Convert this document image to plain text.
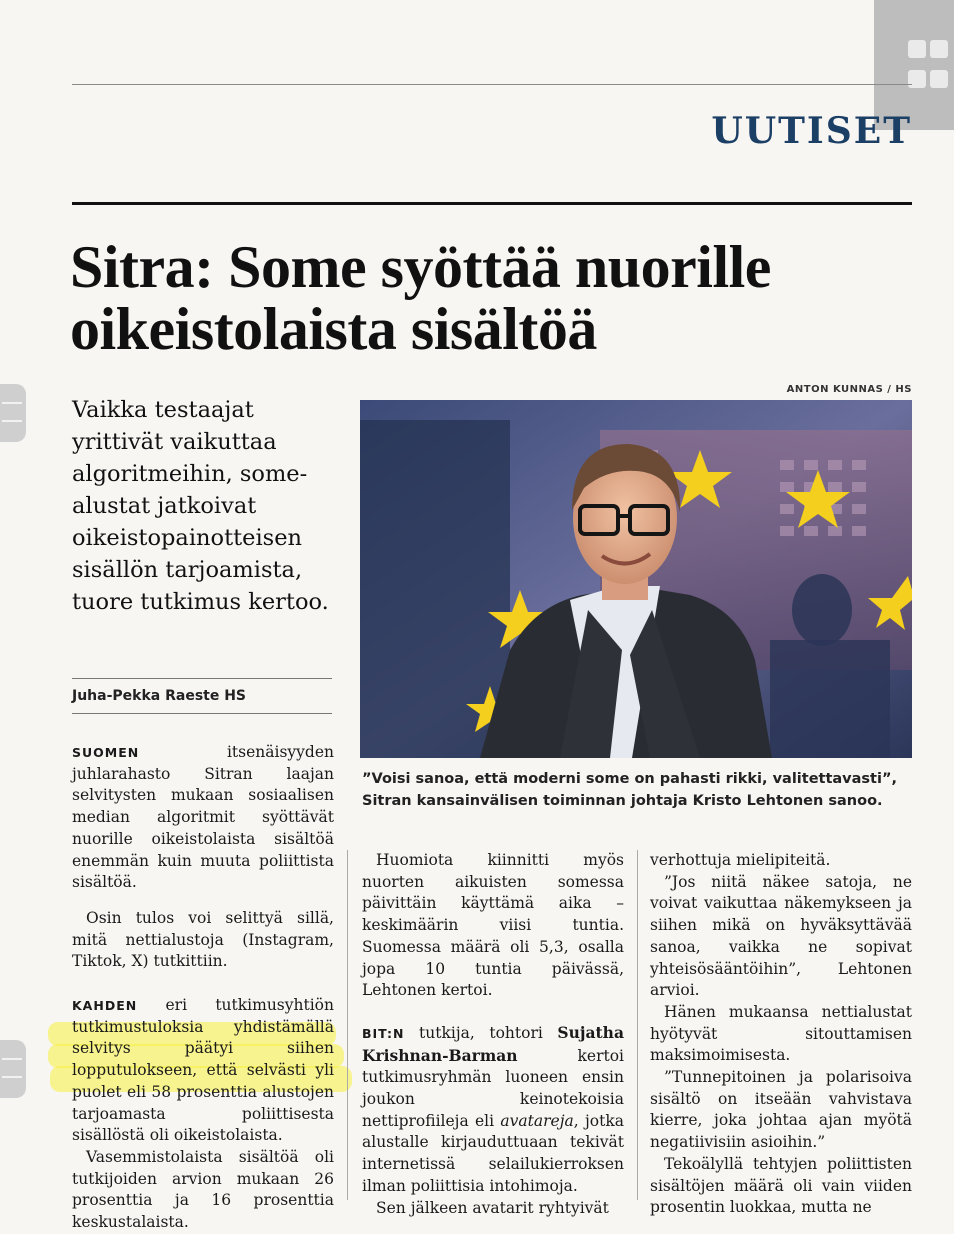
UUTISET
Sitra: Some syöttää nuorille oikeistolaista sisältöä

Vaikka testaajat yrittivät vaikuttaa algoritmeihin, some-alustat jatkoivat oikeistopainotteisen sisällön tarjoamista, tuore tutkimus kertoo.

Juha-Pekka Raeste HS
ANTON KUNNAS / HS

”Voisi sanoa, että moderni some on pahasti rikki, valitettavasti”, Sitran kansainvälisen toiminnan johtaja Kristo Lehtonen sanoo.

SUOMEN itsenäisyyden juhlarahasto Sitran laajan selvitysten mukaan sosiaalisen median algoritmit syöttävät nuorille oikeistolaista sisältöä enemmän kuin muuta poliittista sisältöä.

Osin tulos voi selittyä sillä, mitä nettialustoja (Instagram, Tiktok, X) tutkittiin.

KAHDEN eri tutkimusyhtiön tutkimustuloksia yhdistämällä selvitys päätyi siihen lopputulokseen, että selvästi yli puolet eli 58 prosenttia alustojen tarjoamasta poliittisesta sisällöstä oli oikeistolaista.

Vasemmistolaista sisältöä oli tutkijoiden arvion mukaan 26 prosenttia ja 16 prosenttia keskustalaista.

Huomiota kiinnitti myös nuorten aikuisten somessa päivittäin käyttämä aika – keskimäärin viisi tuntia. Suomessa määrä oli 5,3, osalla jopa 10 tuntia päivässä, Lehtonen kertoi.

BIT:N tutkija, tohtori Sujatha Krishnan-Barman kertoi tutkimusryhmän luoneen ensin joukon keinotekoisia nettiprofiileja eli avatareja, jotka alustalle kirjauduttuaan tekivät internetissä selailukierroksen ilman poliittisia intohimoja.

Sen jälkeen avatarit ryhtyivät

verhottuja mielipiteitä.

”Jos niitä näkee satoja, ne voivat vaikuttaa näkemykseen ja siihen mikä on hyväksyttävää sanoa, vaikka ne sopivat yhteisösääntöihin”, Lehtonen arvioi.

Hänen mukaansa nettialustat hyötyvät sitouttamisen maksimoimisesta.

”Tunnepitoinen ja polarisoiva sisältö on itseään vahvistava kierre, joka johtaa ajan myötä negatiivisiin asioihin.”

Tekoälyllä tehtyjen poliittisten sisältöjen määrä oli vain viiden prosentin luokkaa, mutta ne
